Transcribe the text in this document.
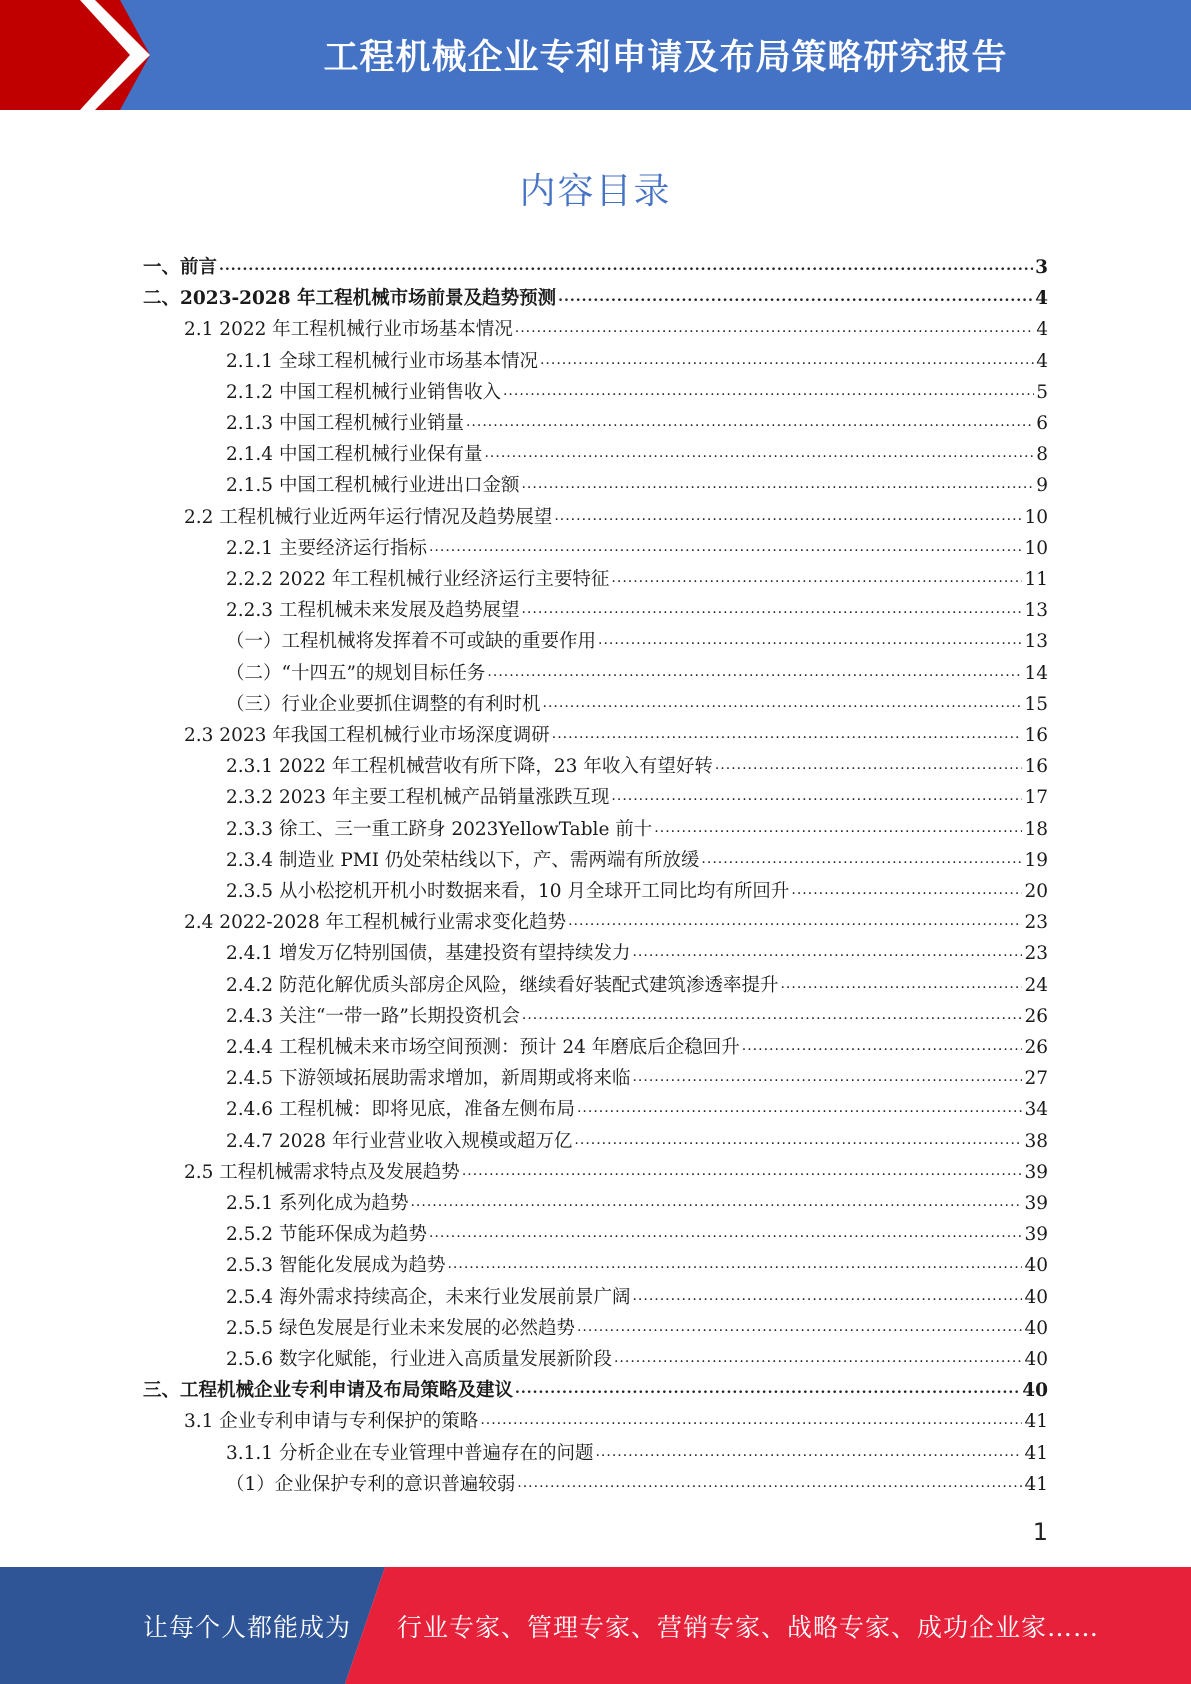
工程机械企业专利申请及布局策略研究报告
内容目录
一、前言 .....	3
二、2023-2028 年工程机械市场前景及趋势预测 .....	4
2.1 2022 年工程机械行业市场基本情况 .....	4
2.1.1 全球工程机械行业市场基本情况 .....	4
2.1.2 中国工程机械行业销售收入 .....	5
2.1.3 中国工程机械行业销量 .....	6
2.1.4 中国工程机械行业保有量 .....	8
2.1.5 中国工程机械行业进出口金额 .....	9
2.2 工程机械行业近两年运行情况及趋势展望 .....	10
2.2.1 主要经济运行指标 .....	10
2.2.2 2022 年工程机械行业经济运行主要特征 .....	11
2.2.3 工程机械未来发展及趋势展望 .....	13
（一）工程机械将发挥着不可或缺的重要作用 .....	13
（二）“十四五”的规划目标任务 .....	14
（三）行业企业要抓住调整的有利时机 .....	15
2.3 2023 年我国工程机械行业市场深度调研 .....	16
2.3.1 2022 年工程机械营收有所下降，23 年收入有望好转 .....	16
2.3.2 2023 年主要工程机械产品销量涨跌互现 .....	17
2.3.3 徐工、三一重工跻身 2023YellowTable 前十 .....	18
2.3.4 制造业 PMI 仍处荣枯线以下，产、需两端有所放缓 .....	19
2.3.5 从小松挖机开机小时数据来看，10 月全球开工同比均有所回升 .....	20
2.4 2022-2028 年工程机械行业需求变化趋势 .....	23
2.4.1 增发万亿特别国债，基建投资有望持续发力 .....	23
2.4.2 防范化解优质头部房企风险，继续看好装配式建筑渗透率提升 .....	24
2.4.3 关注“一带一路”长期投资机会 .....	26
2.4.4 工程机械未来市场空间预测：预计 24 年磨底后企稳回升 .....	26
2.4.5 下游领域拓展助需求增加，新周期或将来临 .....	27
2.4.6 工程机械：即将见底，准备左侧布局 .....	34
2.4.7 2028 年行业营业收入规模或超万亿 .....	38
2.5 工程机械需求特点及发展趋势 .....	39
2.5.1 系列化成为趋势 .....	39
2.5.2 节能环保成为趋势 .....	39
2.5.3 智能化发展成为趋势 .....	40
2.5.4 海外需求持续高企，未来行业发展前景广阔 .....	40
2.5.5 绿色发展是行业未来发展的必然趋势 .....	40
2.5.6 数字化赋能，行业进入高质量发展新阶段 .....	40
三、工程机械企业专利申请及布局策略及建议 .....	40
3.1 企业专利申请与专利保护的策略 .....	41
3.1.1 分析企业在专业管理中普遍存在的问题 .....	41
（1）企业保护专利的意识普遍较弱 .....	41
1
让每个人都能成为 行业专家、管理专家、营销专家、战略专家、成功企业家……
